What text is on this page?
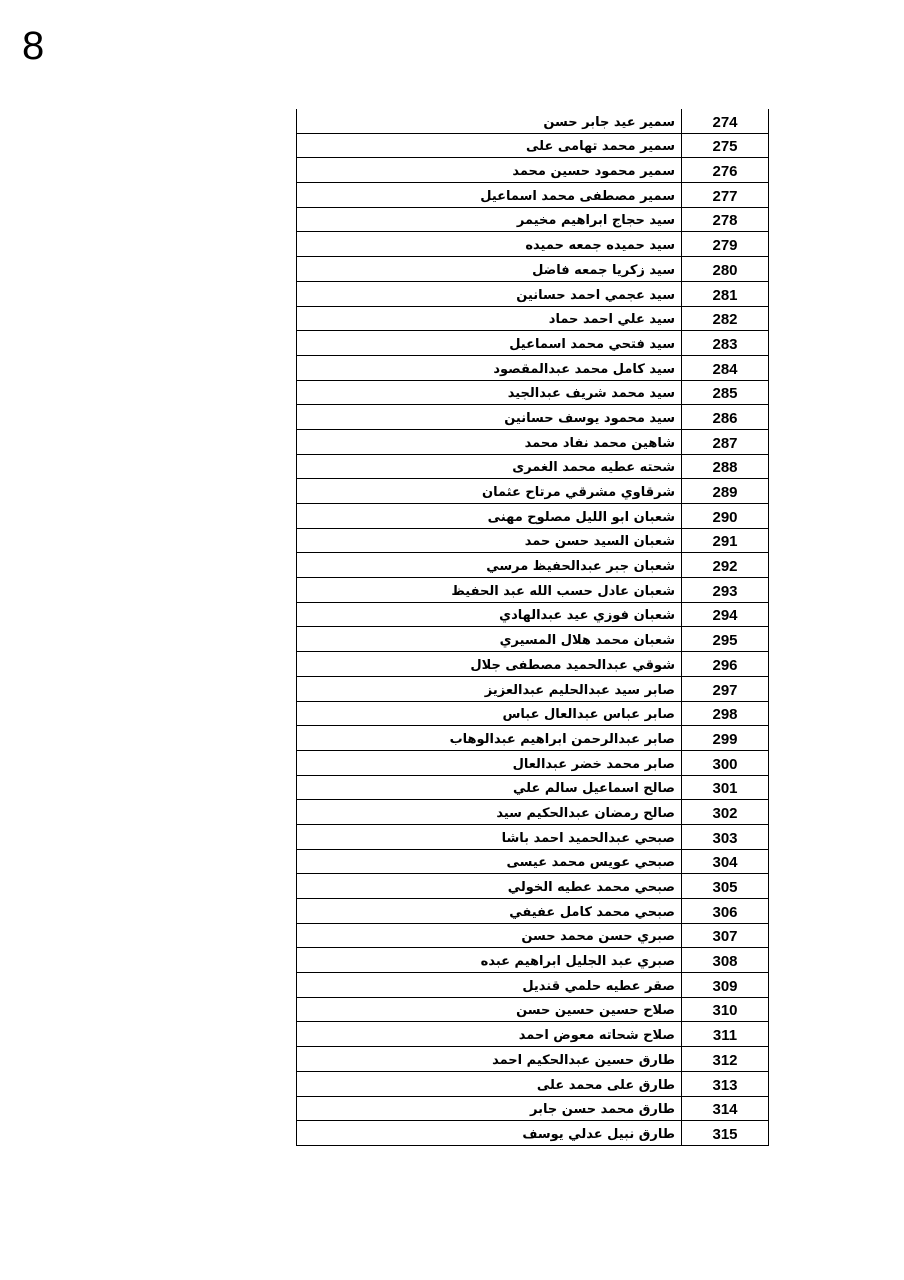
8
274	سمير عيد جابر حسن
275	سمير محمد تهامى على
276	سمير محمود حسين محمد
277	سمير مصطفى محمد اسماعيل
278	سيد حجاج ابراهيم مخيمر
279	سيد حميده جمعه حميده
280	سيد زكريا جمعه فاضل
281	سيد عجمي احمد حسانين
282	سيد علي احمد حماد
283	سيد فتحي محمد اسماعيل
284	سيد كامل محمد عبدالمقصود
285	سيد محمد شريف عبدالجيد
286	سيد محمود يوسف حسانين
287	شاهين محمد نفاد محمد
288	شحته عطيه محمد الغمرى
289	شرقاوي مشرقي مرتاح عثمان
290	شعبان ابو الليل مصلوح مهنى
291	شعبان السيد حسن حمد
292	شعبان جبر عبدالحفيظ مرسي
293	شعبان عادل حسب الله عبد الحفيظ
294	شعبان فوزي عيد عبدالهادي
295	شعبان محمد هلال المسيري
296	شوقي عبدالحميد مصطفى جلال
297	صابر سيد عبدالحليم عبدالعزيز
298	صابر عباس عبدالعال عباس
299	صابر عبدالرحمن ابراهيم عبدالوهاب
300	صابر محمد خضر عبدالعال
301	صالح اسماعيل سالم علي
302	صالح رمضان عبدالحكيم سيد
303	صبحي عبدالحميد احمد باشا
304	صبحي عويس محمد عيسى
305	صبحي محمد عطيه الخولي
306	صبحي محمد كامل عفيفي
307	صبري حسن محمد حسن
308	صبري عبد الجليل ابراهيم عبده
309	صقر عطيه حلمي قنديل
310	صلاح حسين حسين حسن
311	صلاح شحاته معوض احمد
312	طارق حسين عبدالحكيم احمد
313	طارق على محمد على
314	طارق محمد حسن جابر
315	طارق نبيل عدلي يوسف
